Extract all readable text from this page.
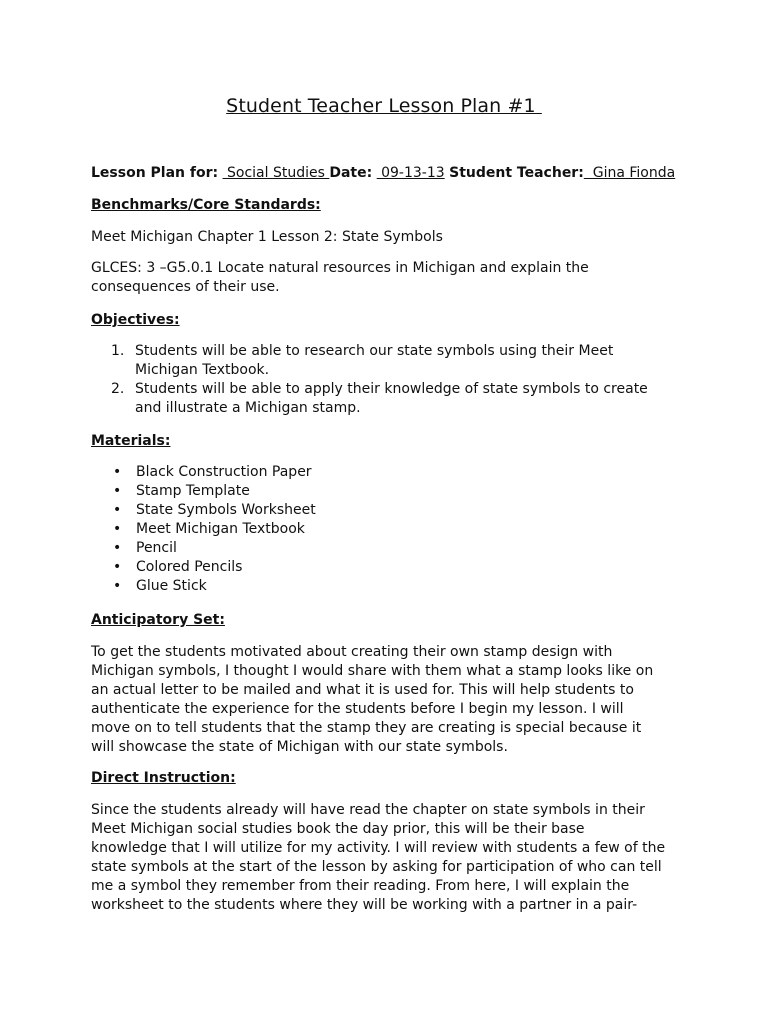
Student Teacher Lesson Plan #1

Lesson Plan for:  Social Studies Date:  09-13-13 Student Teacher:  Gina Fionda

Benchmarks/Core Standards:

Meet Michigan Chapter 1 Lesson 2: State Symbols

GLCES: 3 –G5.0.1 Locate natural resources in Michigan and explain the

consequences of their use.

Objectives:

1. Students will be able to research our state symbols using their Meet
Michigan Textbook.
2. Students will be able to apply their knowledge of state symbols to create
and illustrate a Michigan stamp.

Materials:

• Black Construction Paper
• Stamp Template
• State Symbols Worksheet
• Meet Michigan Textbook
• Pencil
• Colored Pencils
• Glue Stick

Anticipatory Set:

To get the students motivated about creating their own stamp design with
Michigan symbols, I thought I would share with them what a stamp looks like on
an actual letter to be mailed and what it is used for. This will help students to
authenticate the experience for the students before I begin my lesson. I will
move on to tell students that the stamp they are creating is special because it
will showcase the state of Michigan with our state symbols.

Direct Instruction:

Since the students already will have read the chapter on state symbols in their
Meet Michigan social studies book the day prior, this will be their base
knowledge that I will utilize for my activity. I will review with students a few of the
state symbols at the start of the lesson by asking for participation of who can tell
me a symbol they remember from their reading. From here, I will explain the
worksheet to the students where they will be working with a partner in a pair-
